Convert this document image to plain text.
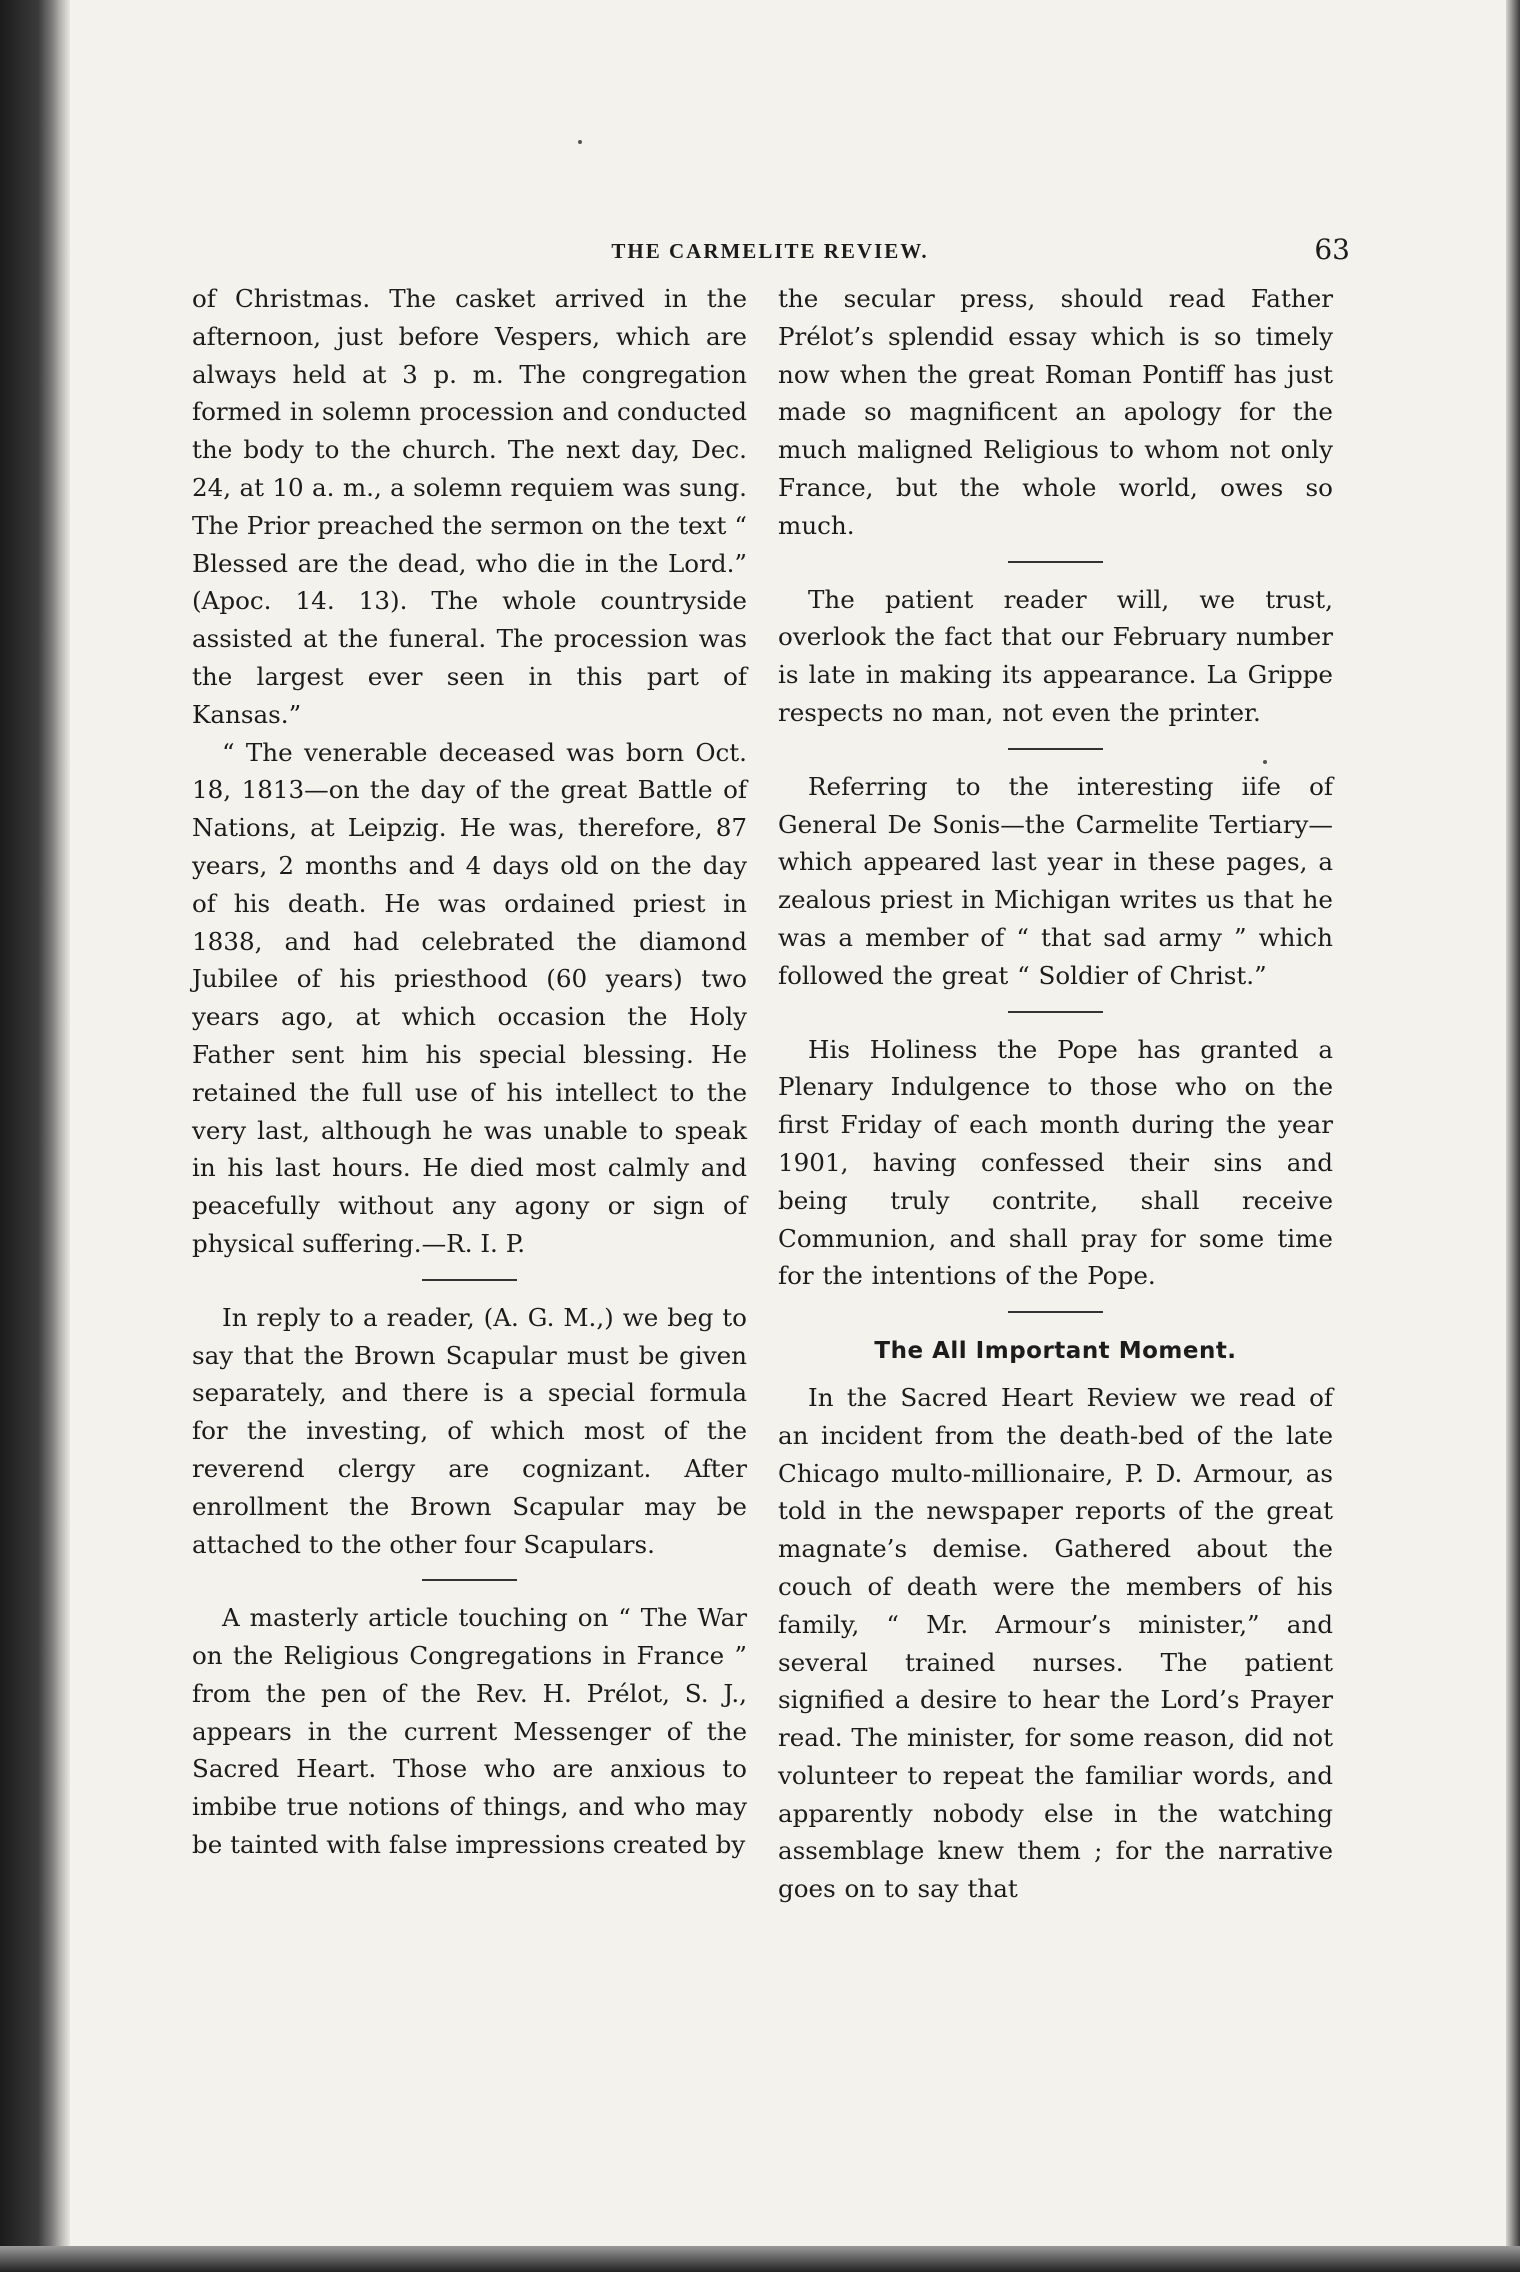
THE CARMELITE REVIEW.	63

of Christmas. The casket arrived in the afternoon, just before Vespers, which are always held at 3 p. m. The congregation formed in solemn procession and conducted the body to the church. The next day, Dec. 24, at 10 a. m., a solemn requiem was sung. The Prior preached the sermon on the text “ Blessed are the dead, who die in the Lord.” (Apoc. 14. 13). The whole countryside assisted at the funeral. The procession was the largest ever seen in this part of Kansas.”

“ The venerable deceased was born Oct. 18, 1813—on the day of the great Battle of Nations, at Leipzig. He was, therefore, 87 years, 2 months and 4 days old on the day of his death. He was ordained priest in 1838, and had celebrated the diamond Jubilee of his priesthood (60 years) two years ago, at which occasion the Holy Father sent him his special blessing. He retained the full use of his intellect to the very last, although he was unable to speak in his last hours. He died most calmly and peacefully without any agony or sign of physical suffering.—R. I. P.

In reply to a reader, (A. G. M.,) we beg to say that the Brown Scapular must be given separately, and there is a special formula for the investing, of which most of the reverend clergy are cognizant. After enrollment the Brown Scapular may be attached to the other four Scapulars.

A masterly article touching on “ The War on the Religious Congregations in France ” from the pen of the Rev. H. Prélot, S. J., appears in the current Messenger of the Sacred Heart. Those who are anxious to imbibe true notions of things, and who may be tainted with false impressions created by

the secular press, should read Father Prélot’s splendid essay which is so timely now when the great Roman Pontiff has just made so magnificent an apology for the much maligned Religious to whom not only France, but the whole world, owes so much.

The patient reader will, we trust, overlook the fact that our February number is late in making its appearance. La Grippe respects no man, not even the printer.

Referring to the interesting iife of General De Sonis—the Carmelite Tertiary—which appeared last year in these pages, a zealous priest in Michigan writes us that he was a member of “ that sad army ” which followed the great “ Soldier of Christ.”

His Holiness the Pope has granted a Plenary Indulgence to those who on the first Friday of each month during the year 1901, having confessed their sins and being truly contrite, shall receive Communion, and shall pray for some time for the intentions of the Pope.

The All Important Moment.

In the Sacred Heart Review we read of an incident from the death-bed of the late Chicago multo-millionaire, P. D. Armour, as told in the newspaper reports of the great magnate’s demise. Gathered about the couch of death were the members of his family, “ Mr. Armour’s minister,” and several trained nurses. The patient signified a desire to hear the Lord’s Prayer read. The minister, for some reason, did not volunteer to repeat the familiar words, and apparently nobody else in the watching assemblage knew them ; for the narrative goes on to say that
